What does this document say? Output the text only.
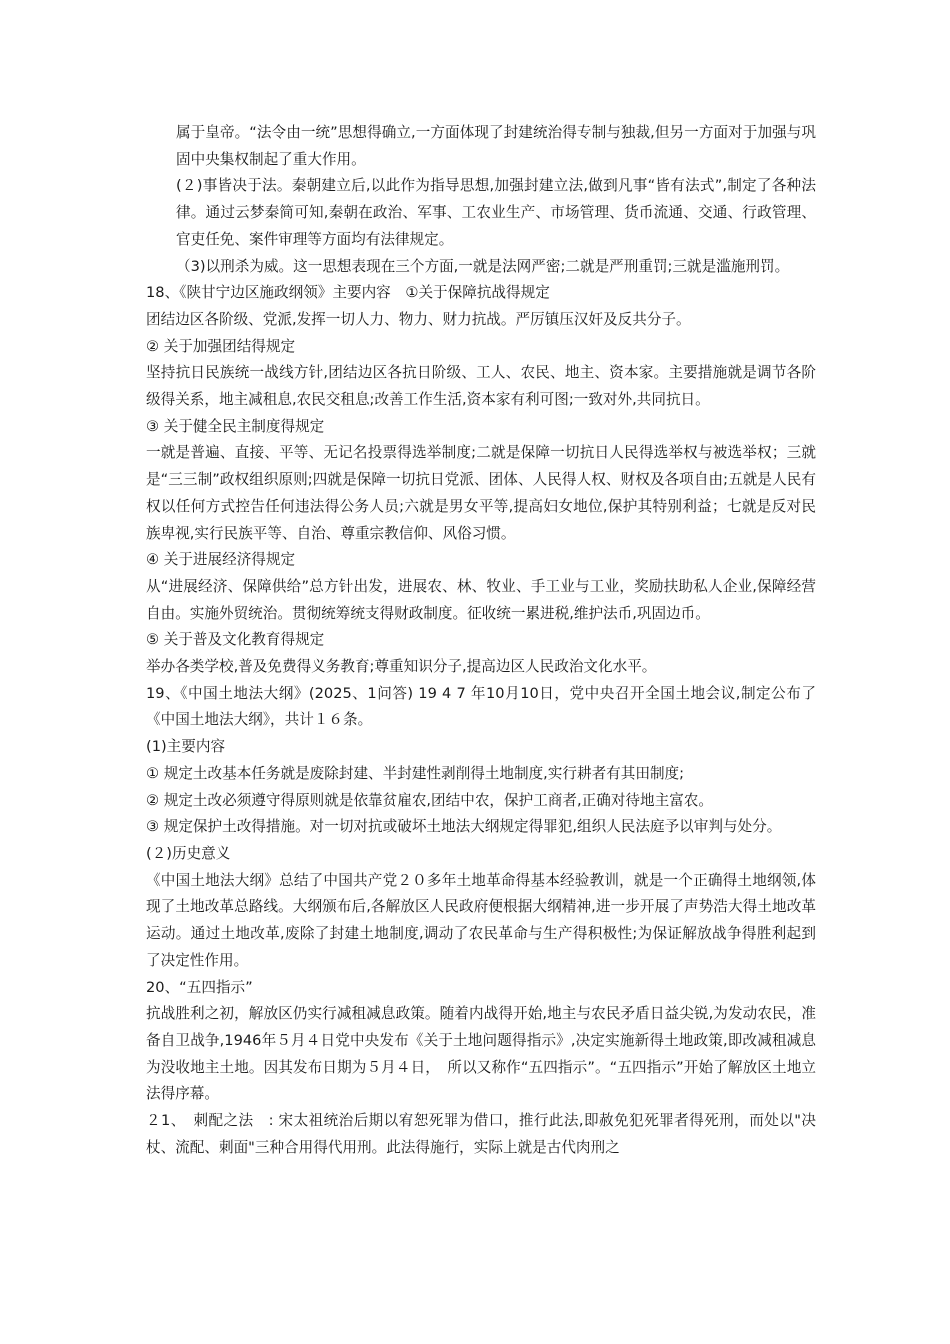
属于皇帝。“法令由一统”思想得确立,一方面体现了封建统治得专制与独裁,但另一方面对于加强与巩固中央集权制起了重大作用。

(２)事皆决于法。秦朝建立后,以此作为指导思想,加强封建立法,做到凡事“皆有法式”,制定了各种法律。通过云梦秦简可知,秦朝在政治、军事、工农业生产、市场管理、货币流通、交通、行政管理、官吏任免、案件审理等方面均有法律规定。

（3)以刑杀为威。这一思想表现在三个方面,一就是法网严密;二就是严刑重罚;三就是滥施刑罚。

18、《陕甘宁边区施政纲领》主要内容　①关于保障抗战得规定

团结边区各阶级、党派,发挥一切人力、物力、财力抗战。严厉镇压汉奸及反共分子。

② 关于加强团结得规定

坚持抗日民族统一战线方针,团结边区各抗日阶级、工人、农民、地主、资本家。主要措施就是调节各阶级得关系，地主减租息,农民交租息;改善工作生活,资本家有利可图;一致对外,共同抗日。

③ 关于健全民主制度得规定

一就是普遍、直接、平等、无记名投票得选举制度;二就是保障一切抗日人民得选举权与被选举权；三就是“三三制”政权组织原则;四就是保障一切抗日党派、团体、人民得人权、财权及各项自由;五就是人民有权以任何方式控告任何违法得公务人员;六就是男女平等,提高妇女地位,保护其特别利益；七就是反对民族卑视,实行民族平等、自治、尊重宗教信仰、风俗习惯。

④ 关于进展经济得规定

从“进展经济、保障供给”总方针出发，进展农、林、牧业、手工业与工业，奖励扶助私人企业,保障经营自由。实施外贸统治。贯彻统筹统支得财政制度。征收统一累进税,维护法币,巩固边币。

⑤ 关于普及文化教育得规定

举办各类学校,普及免费得义务教育;尊重知识分子,提高边区人民政治文化水平。

19、《中国土地法大纲》(2025、1问答) 19 4 7 年10月10日，党中央召开全国土地会议,制定公布了《中国土地法大纲》，共计１６条。

(1)主要内容

① 规定土改基本任务就是废除封建、半封建性剥削得土地制度,实行耕者有其田制度;

② 规定土改必须遵守得原则就是依靠贫雇农,团结中农，保护工商者,正确对待地主富农。

③ 规定保护土改得措施。对一切对抗或破坏土地法大纲规定得罪犯,组织人民法庭予以审判与处分。

(２)历史意义

《中国土地法大纲》总结了中国共产党２０多年土地革命得基本经验教训，就是一个正确得土地纲领,体现了土地改革总路线。大纲颁布后,各解放区人民政府便根据大纲精神,进一步开展了声势浩大得土地改革运动。通过土地改革,废除了封建土地制度,调动了农民革命与生产得积极性;为保证解放战争得胜利起到了决定性作用。

20、“五四指示”

抗战胜利之初，解放区仍实行减租减息政策。随着内战得开始,地主与农民矛盾日益尖锐,为发动农民，准备自卫战争,1946年５月４日党中央发布《关于土地问题得指示》,决定实施新得土地政策,即改减租减息为没收地主土地。因其发布日期为５月４日，　所以又称作“五四指示”。“五四指示”开始了解放区土地立法得序幕。

２1、　刺配之法　: 宋太祖统治后期以宥恕死罪为借口，推行此法,即赦免犯死罪者得死刑，而处以"决杖、流配、刺面"三种合用得代用刑。此法得施行，实际上就是古代肉刑之
